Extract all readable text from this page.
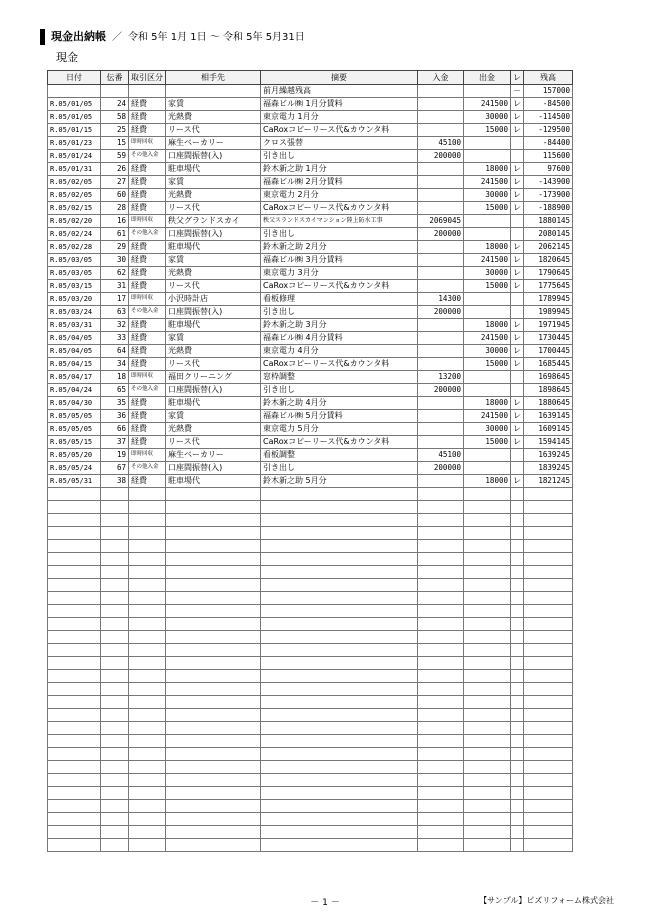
現金出納帳 ／ 令和 5年 1月 1日 ～ 令和 5年 5月31日
現金
日付	伝番	取引区分	相手先	摘要	入金	出金	レ	残高
				前月繰越残高			－	157000
R.05/01/05	24	経費	家賃	福森ビル㈱ 1月分賃料		241500	レ	-84500
R.05/01/05	58	経費	光熱費	東京電力 1月分		30000	レ	-114500
R.05/01/15	25	経費	リース代	CaRoxコピーリース代&カウンタ料		15000	レ	-129500
R.05/01/23	15	即時回収	麻生ベーカリー	クロス張替	45100			-84400
R.05/01/24	59	その他入金	口座間振替(入)	引き出し	200000			115600
R.05/01/31	26	経費	駐車場代	鈴木新之助 1月分		18000	レ	97600
R.05/02/05	27	経費	家賃	福森ビル㈱ 2月分賃料		241500	レ	-143900
R.05/02/05	60	経費	光熱費	東京電力 2月分		30000	レ	-173900
R.05/02/15	28	経費	リース代	CaRoxコピーリース代&カウンタ料		15000	レ	-188900
R.05/02/20	16	即時回収	秩父グランドスカイ	秩父スランドスカイマンション陸上防水工事	2069045			1880145
R.05/02/24	61	その他入金	口座間振替(入)	引き出し	200000			2080145
R.05/02/28	29	経費	駐車場代	鈴木新之助 2月分		18000	レ	2062145
R.05/03/05	30	経費	家賃	福森ビル㈱ 3月分賃料		241500	レ	1820645
R.05/03/05	62	経費	光熱費	東京電力 3月分		30000	レ	1790645
R.05/03/15	31	経費	リース代	CaRoxコピーリース代&カウンタ料		15000	レ	1775645
R.05/03/20	17	即時回収	小沢時計店	看板修理	14300			1789945
R.05/03/24	63	その他入金	口座間振替(入)	引き出し	200000			1989945
R.05/03/31	32	経費	駐車場代	鈴木新之助 3月分		18000	レ	1971945
R.05/04/05	33	経費	家賃	福森ビル㈱ 4月分賃料		241500	レ	1730445
R.05/04/05	64	経費	光熱費	東京電力 4月分		30000	レ	1700445
R.05/04/15	34	経費	リース代	CaRoxコピーリース代&カウンタ料		15000	レ	1685445
R.05/04/17	18	即時回収	福田クリーニング	窓枠調整	13200			1698645
R.05/04/24	65	その他入金	口座間振替(入)	引き出し	200000			1898645
R.05/04/30	35	経費	駐車場代	鈴木新之助 4月分		18000	レ	1880645
R.05/05/05	36	経費	家賃	福森ビル㈱ 5月分賃料		241500	レ	1639145
R.05/05/05	66	経費	光熱費	東京電力 5月分		30000	レ	1609145
R.05/05/15	37	経費	リース代	CaRoxコピーリース代&カウンタ料		15000	レ	1594145
R.05/05/20	19	即時回収	麻生ベーカリー	看板調整	45100			1639245
R.05/05/24	67	その他入金	口座間振替(入)	引き出し	200000			1839245
R.05/05/31	38	経費	駐車場代	鈴木新之助 5月分		18000	レ	1821245

－ 1 －	【サンプル】ビズリフォーム株式会社
